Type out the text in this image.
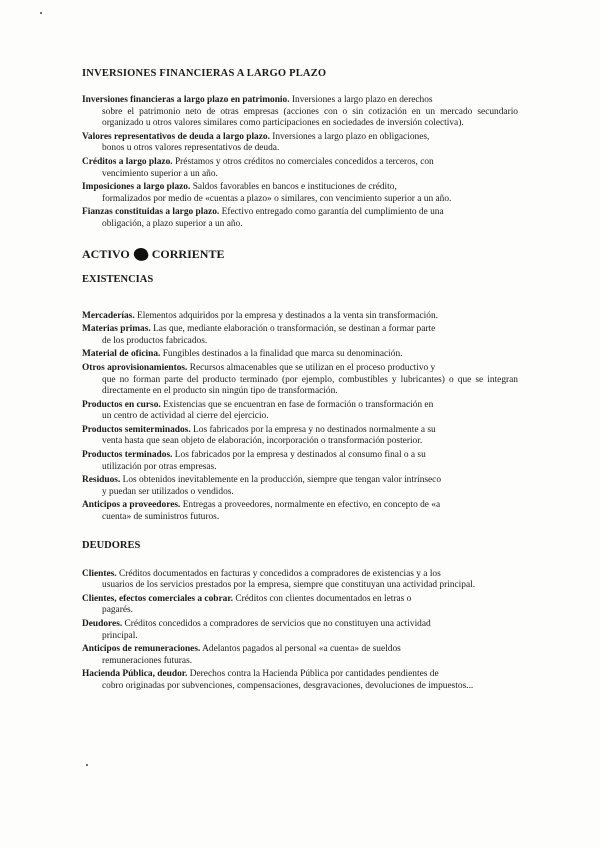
INVERSIONES FINANCIERAS A LARGO PLAZO
Inversiones financieras a largo plazo en patrimonio. Inversiones a largo plazo en derechos
sobre el patrimonio neto de otras empresas (acciones con o sin cotización en un mercado secundario organizado u otros valores similares como participaciones en sociedades de inversión colectiva).
Valores representativos de deuda a largo plazo. Inversiones a largo plazo en obligaciones,
bonos u otros valores representativos de deuda.
Créditos a largo plazo. Préstamos y otros créditos no comerciales concedidos a terceros, con
vencimiento superior a un año.
Imposiciones a largo plazo. Saldos favorables en bancos e instituciones de crédito,
formalizados por medio de «cuentas a plazo» o similares, con vencimiento superior a un año.
Fianzas constituidas a largo plazo. Efectivo entregado como garantía del cumplimiento de una
obligación, a plazo superior a un año.
ACTIVO CORRIENTE
EXISTENCIAS
Mercaderías. Elementos adquiridos por la empresa y destinados a la venta sin transformación.
Materias primas. Las que, mediante elaboración o transformación, se destinan a formar parte
de los productos fabricados.
Material de oficina. Fungibles destinados a la finalidad que marca su denominación.
Otros aprovisionamientos. Recursos almacenables que se utilizan en el proceso productivo y
que no forman parte del producto terminado (por ejemplo, combustibles y lubricantes) o que se integran directamente en el producto sin ningún tipo de transformación.
Productos en curso. Existencias que se encuentran en fase de formación o transformación en
un centro de actividad al cierre del ejercicio.
Productos semiterminados. Los fabricados por la empresa y no destinados normalmente a su
venta hasta que sean objeto de elaboración, incorporación o transformación posterior.
Productos terminados. Los fabricados por la empresa y destinados al consumo final o a su
utilización por otras empresas.
Residuos. Los obtenidos inevitablemente en la producción, siempre que tengan valor intrínseco
y puedan ser utilizados o vendidos.
Anticipos a proveedores. Entregas a proveedores, normalmente en efectivo, en concepto de «a
cuenta» de suministros futuros.
DEUDORES
Clientes. Créditos documentados en facturas y concedidos a compradores de existencias y a los
usuarios de los servicios prestados por la empresa, siempre que constituyan una actividad principal.
Clientes, efectos comerciales a cobrar. Créditos con clientes documentados en letras o
pagarés.
Deudores. Créditos concedidos a compradores de servicios que no constituyen una actividad
principal.
Anticipos de remuneraciones. Adelantos pagados al personal «a cuenta» de sueldos
remuneraciones futuras.
Hacienda Pública, deudor. Derechos contra la Hacienda Pública por cantidades pendientes de
cobro originadas por subvenciones, compensaciones, desgravaciones, devoluciones de impuestos...
